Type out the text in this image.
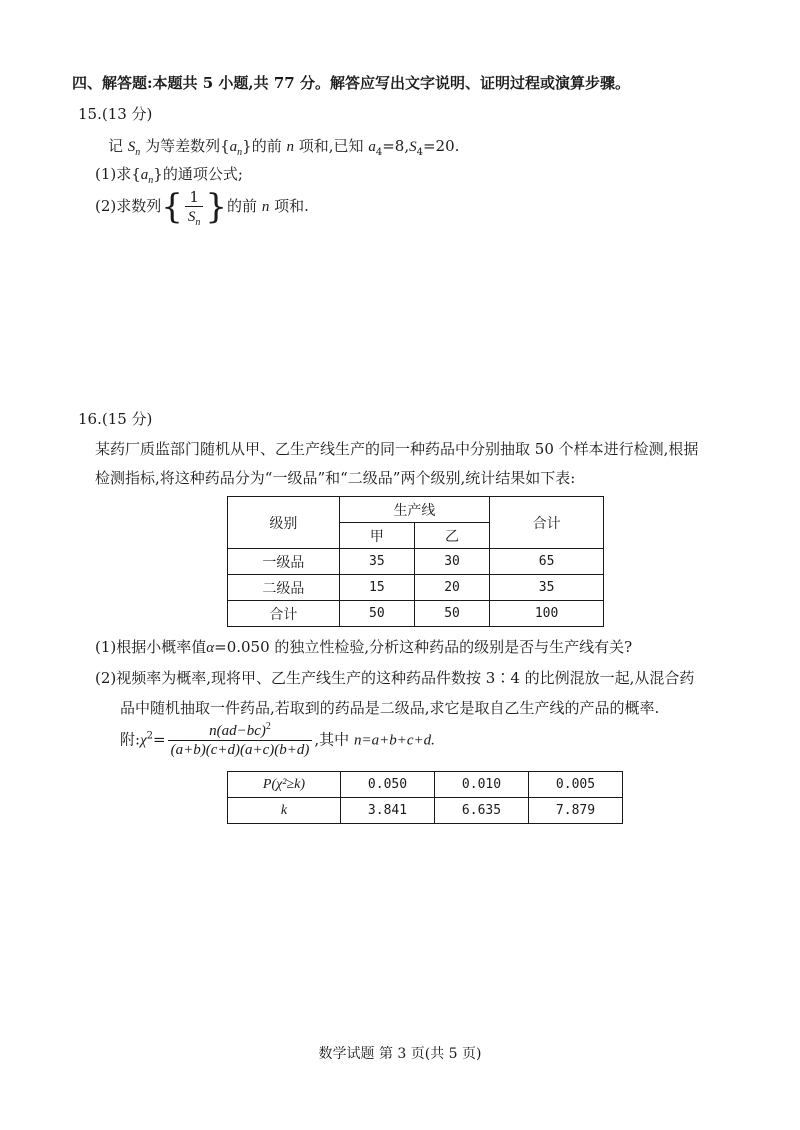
四、解答题:本题共 5 小题,共 77 分。解答应写出文字说明、证明过程或演算步骤。
15.(13 分)
记 $S_n$ 为等差数列$\{a_n\}$的前 n 项和,已知 $a_4=8,S_4=20$.
(1)求$\{a_n\}$的通项公式;
(2)求数列{ $\frac{1}{S_n}$ }的前 n 项和.
16.(15 分)
某药厂质监部门随机从甲、乙生产线生产的同一种药品中分别抽取 50 个样本进行检测,根据
检测指标,将这种药品分为“一级品”和“二级品”两个级别,统计结果如下表:
级别	生产线		合计
	甲	乙	
一级品	35	30	65
二级品	15	20	35
合计	50	50	100
(1)根据小概率值α=0.050 的独立性检验,分析这种药品的级别是否与生产线有关?
(2)视频率为概率,现将甲、乙生产线生产的这种药品件数按 3∶4 的比例混放一起,从混合药
品中随机抽取一件药品,若取到的药品是二级品,求它是取自乙生产线的产品的概率.
附$:\chi^2= \frac{n(ad-bc)^2}{(a+b)(c+d)(a+c)(b+d)}$ ,其中 n=a+b+c+d.
P(χ²≥k)	0.050	0.010	0.005
k	3.841	6.635	7.879
数学试题 第 3 页(共 5 页)
